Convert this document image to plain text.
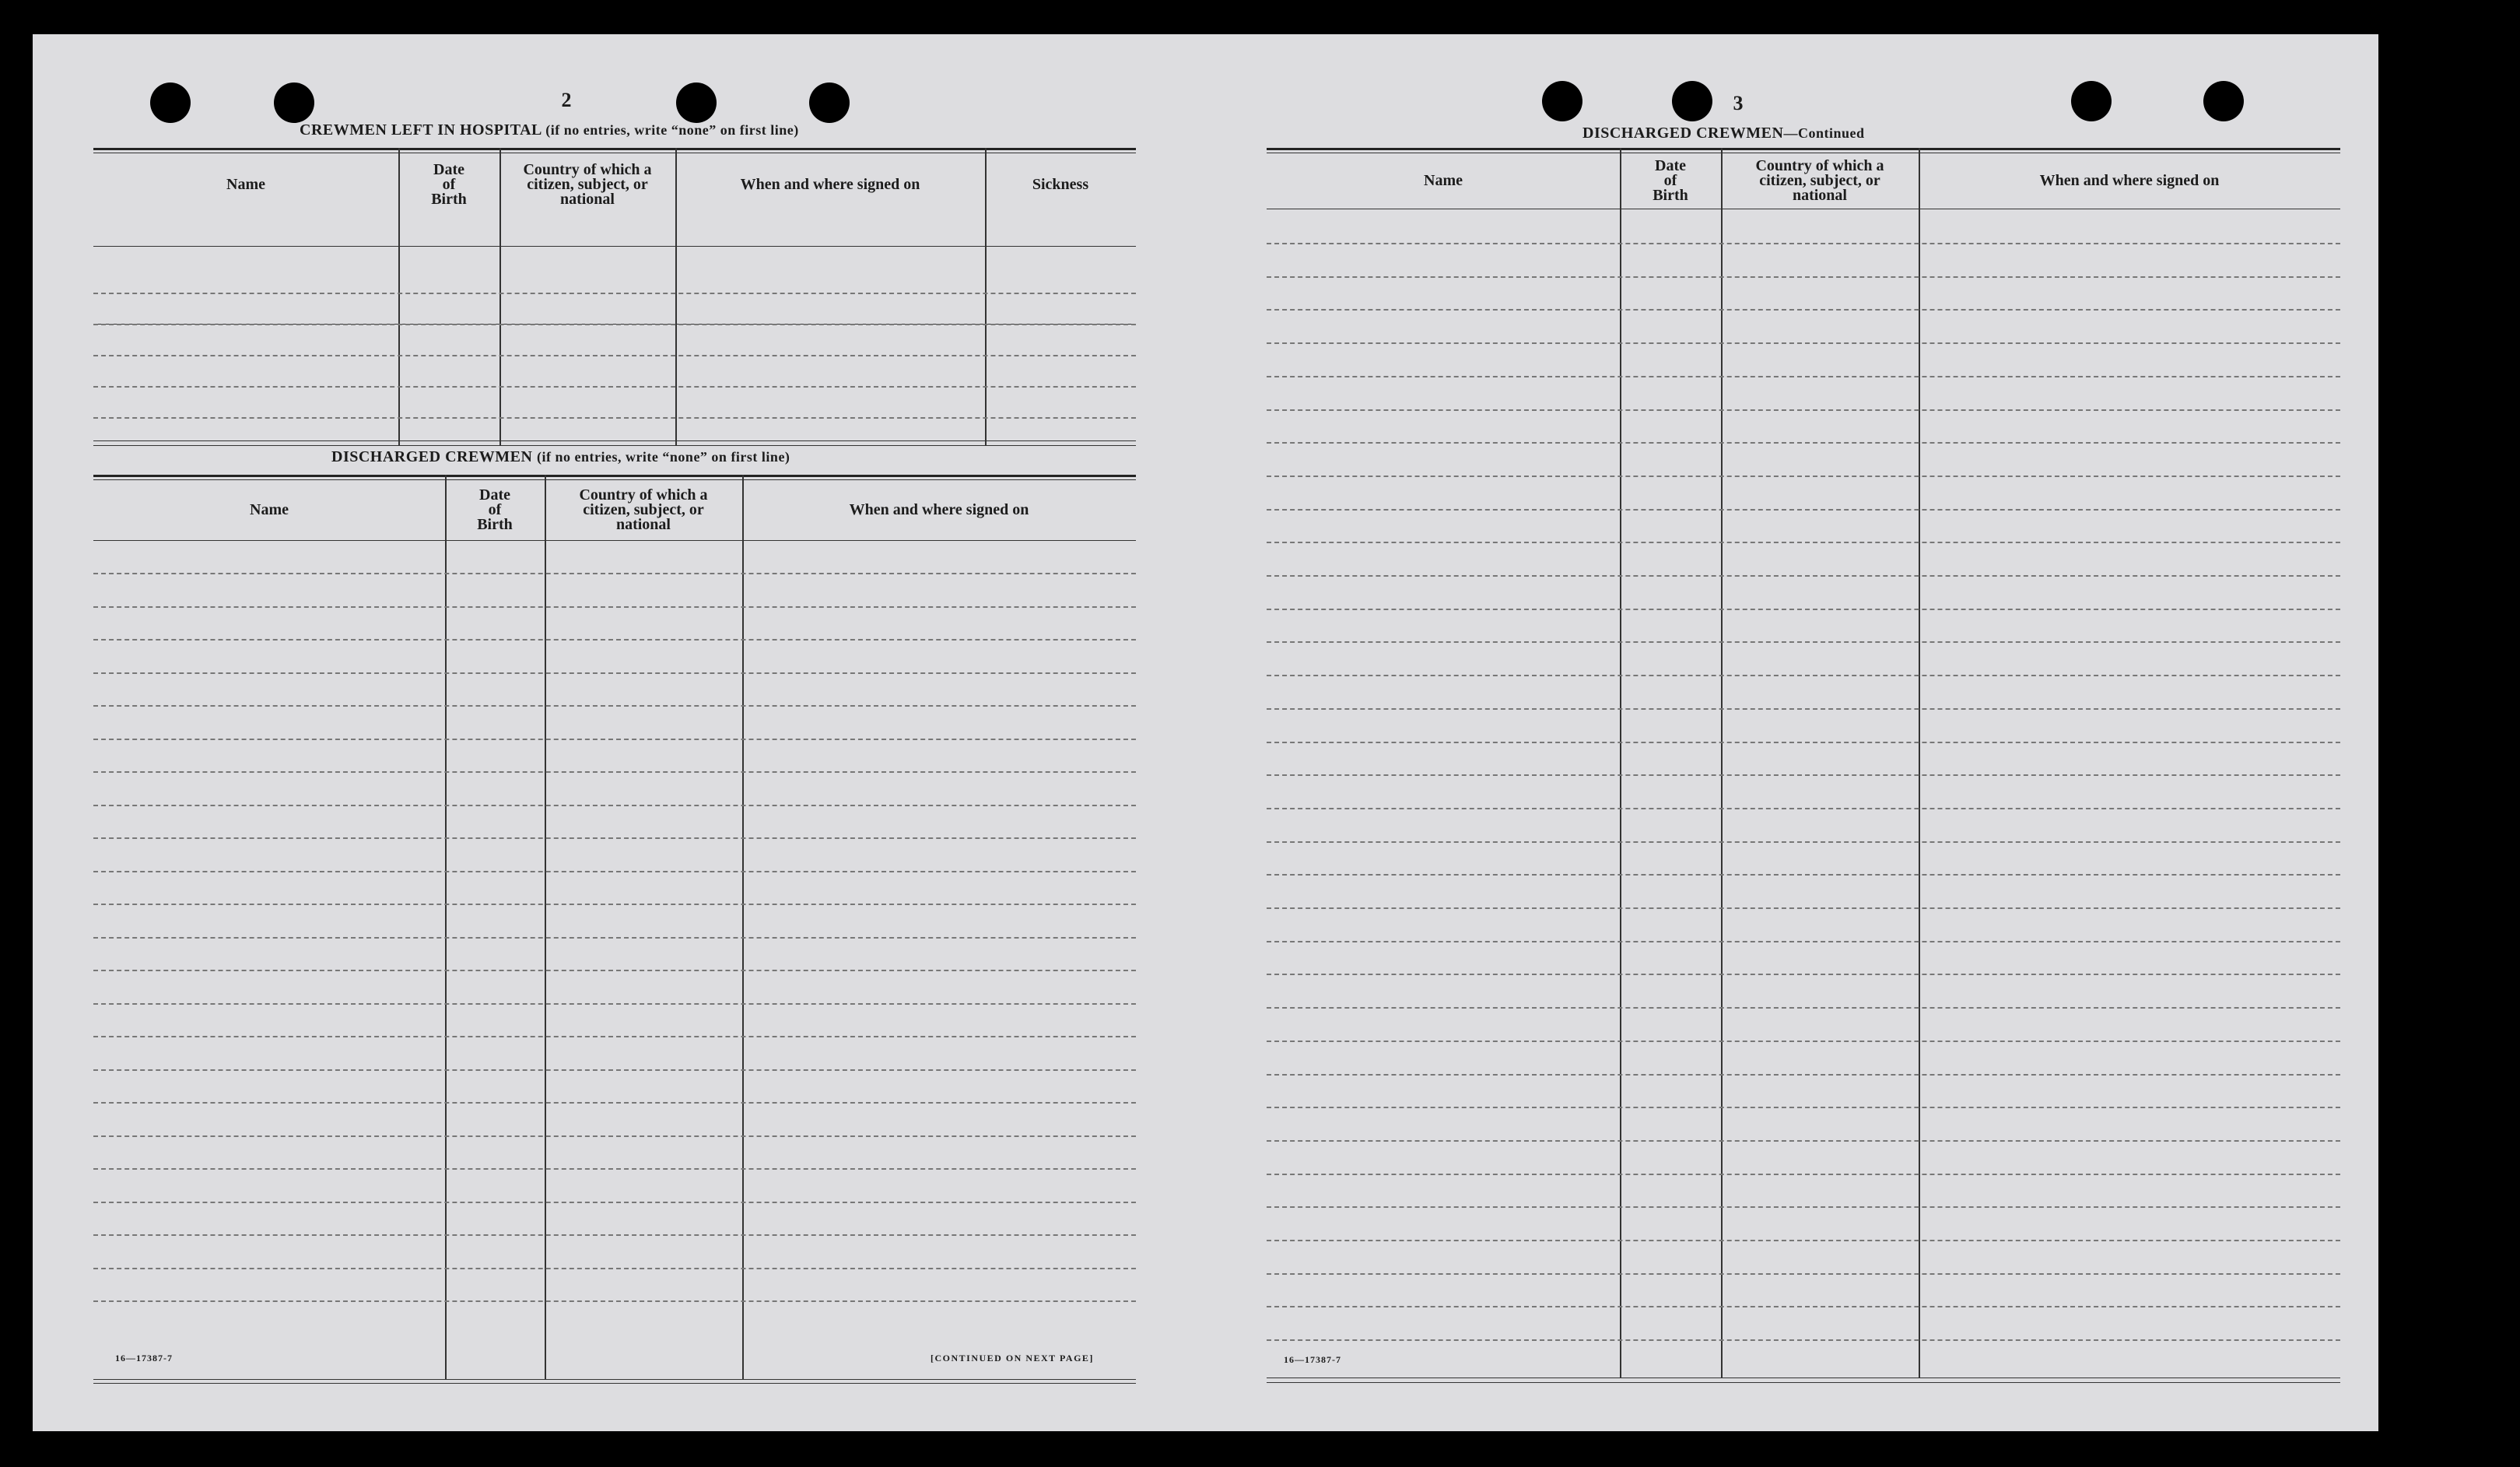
2
CREWMEN LEFT IN HOSPITAL (if no entries, write “none” on first line)
Name
Date
of
Birth
Country of which a
citizen, subject, or
national
When and where signed on	Sickness
DISCHARGED CREWMEN (if no entries, write “none” on first line)
Name
Date
of
Birth
Country of which a
citizen, subject, or
national
When and where signed on
16—17387-7	[CONTINUED ON NEXT PAGE]
3
DISCHARGED CREWMEN—Continued
Name
Date
of
Birth
Country of which a
citizen, subject, or
national
When and where signed on
16—17387-7
